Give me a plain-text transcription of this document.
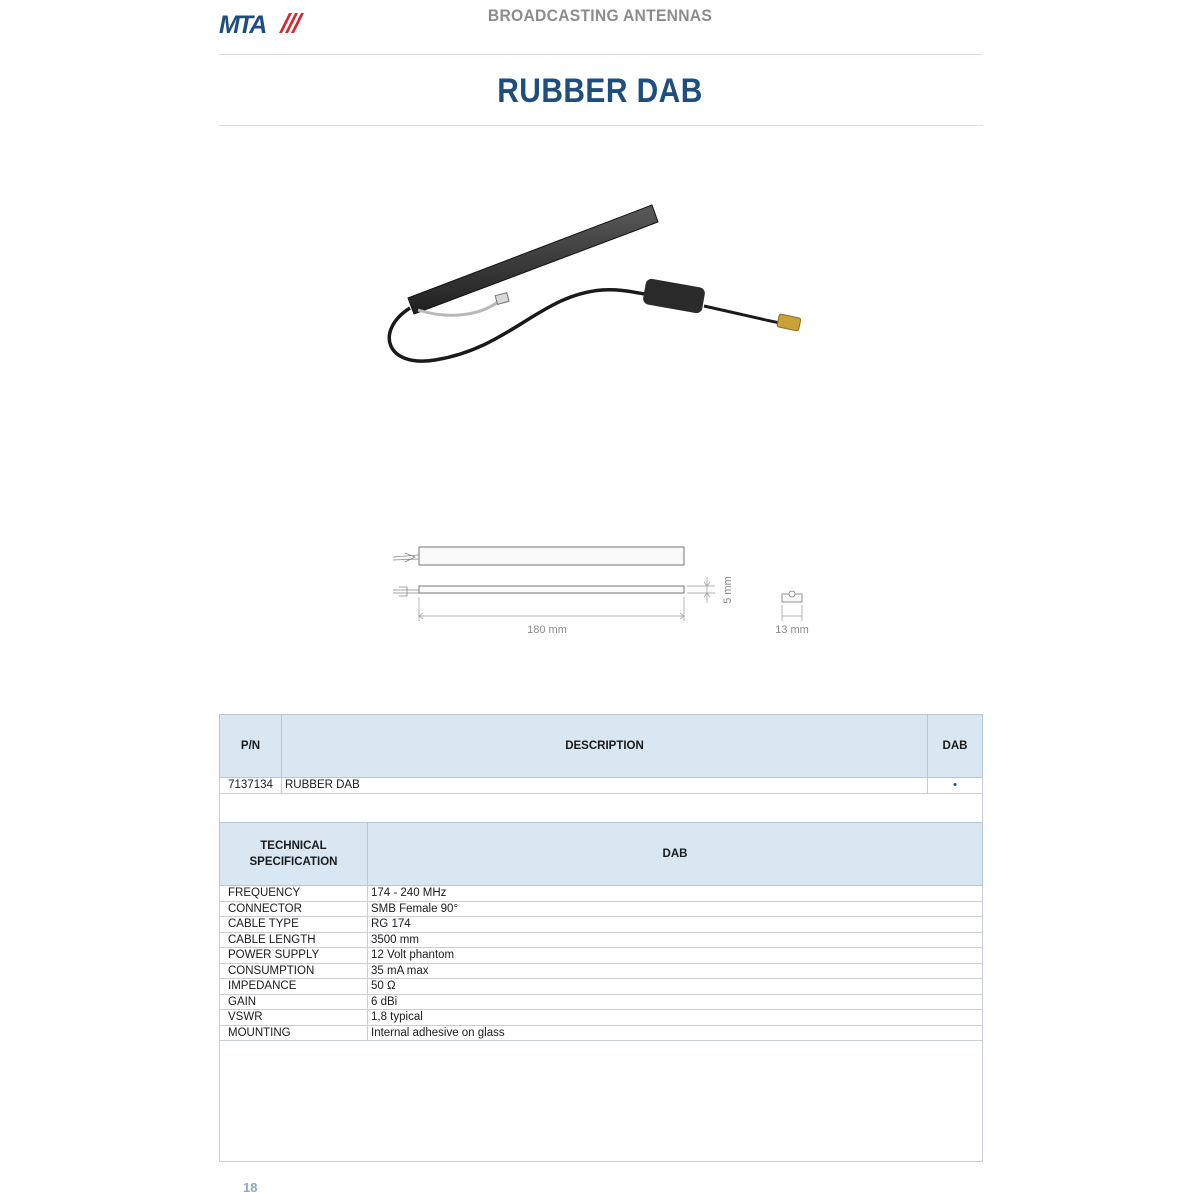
MTA	BROADCASTING ANTENNAS
RUBBER DAB
5 mm
180 mm	13 mm
P/N	DESCRIPTION	DAB
7137134	RUBBER DAB	•
TECHNICAL
SPECIFICATION	DAB
FREQUENCY	174 - 240 MHz
CONNECTOR	SMB Female 90°
CABLE TYPE	RG 174
CABLE LENGTH	3500 mm
POWER SUPPLY	12 Volt phantom
CONSUMPTION	35 mA max
IMPEDANCE	50 Ω
GAIN	6 dBi
VSWR	1,8 typical
MOUNTING	Internal adhesive on glass
18
